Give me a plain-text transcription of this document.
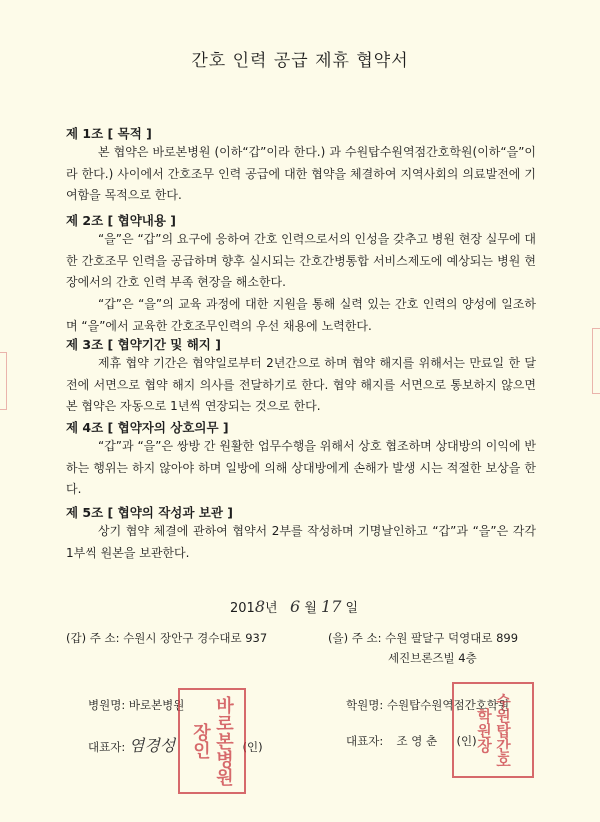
간호 인력 공급 제휴 협약서

제 1조 [ 목적 ]

본 협약은 바로본병원 (이하“갑”이라 한다.) 과 수원탑수원역점간호학원(이하“을”이라 한다.) 사이에서 간호조무 인력 공급에 대한 협약을 체결하여 지역사회의 의료발전에 기여함을 목적으로 한다.

제 2조 [ 협약내용 ]

“을”은 “갑”의 요구에 응하여 간호 인력으로서의 인성을 갖추고 병원 현장 실무에 대한 간호조무 인력을 공급하며 향후 실시되는 간호간병통합 서비스제도에 예상되는 병원 현장에서의 간호 인력 부족 현장을 해소한다.

“갑”은 “을”의 교육 과정에 대한 지원을 통해 실력 있는 간호 인력의 양성에 일조하며 “을”에서 교육한 간호조무인력의 우선 채용에 노력한다.

제 3조 [ 협약기간 및 해지 ]

제휴 협약 기간은 협약일로부터 2년간으로 하며 협약 해지를 위해서는 만료일 한 달 전에 서면으로 협약 해지 의사를 전달하기로 한다. 협약 해지를 서면으로 통보하지 않으면 본 협약은 자동으로 1년씩 연장되는 것으로 한다.

제 4조 [ 협약자의 상호의무 ]

“갑”과 “을”은 쌍방 간 원활한 업무수행을 위해서 상호 협조하며 상대방의 이익에 반하는 행위는 하지 않아야 하며 일방에 의해 상대방에게 손해가 발생 시는 적절한 보상을 한다.

제 5조 [ 협약의 작성과 보관 ]

상기 협약 체결에 관하여 협약서 2부를 작성하며 기명날인하고 “갑”과 “을”은 각각 1부씩 원본을 보관한다.

2018년 6 월 17 일
(갑) 주 소: 수원시 장안구 경수대로 937	(을) 주 소: 수원 팔달구 덕영대로 899
세진브론즈빌 4층
병원명: 바로본병원
대표자: 염경성	(인)
학원명: 수원탑수원역점간호학원
대표자: 조 영 춘 (인)
바로본병원장인	수원탑간호학원장
